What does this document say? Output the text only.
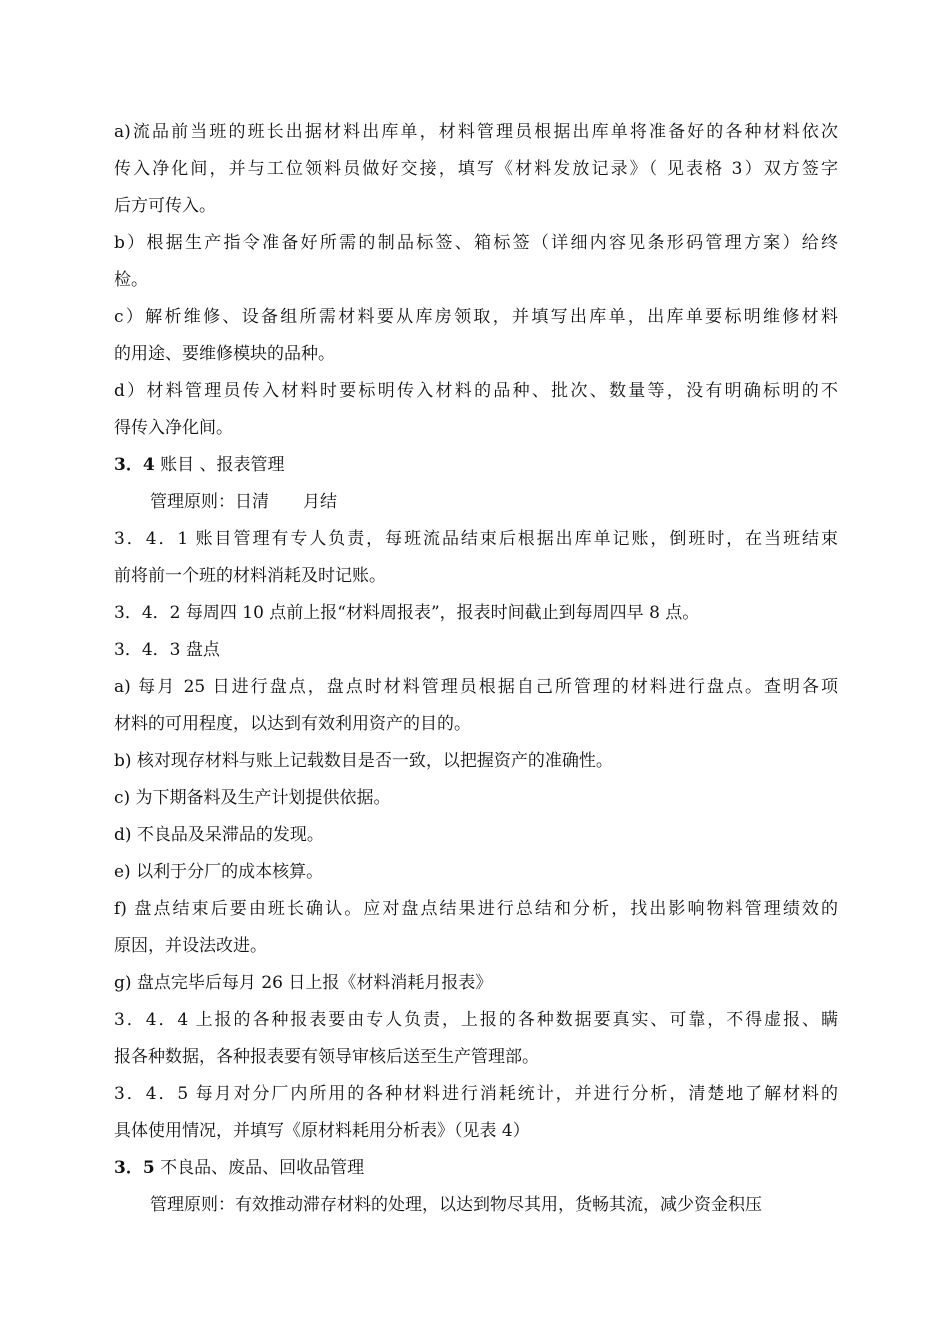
a)流品前当班的班长出据材料出库单，材料管理员根据出库单将准备好的各种材料依次
传入净化间，并与工位领料员做好交接，填写《材料发放记录》（ 见表格 3）双方签字
后方可传入。
b）根据生产指令准备好所需的制品标签、箱标签（详细内容见条形码管理方案）给终
检。
c）解析维修、设备组所需材料要从库房领取，并填写出库单，出库单要标明维修材料
的用途、要维修模块的品种。
d）材料管理员传入材料时要标明传入材料的品种、批次、数量等，没有明确标明的不
得传入净化间。
3．4 账目 、报表管理
管理原则：日清　　月结
3．4．1 账目管理有专人负责，每班流品结束后根据出库单记账，倒班时，在当班结束
前将前一个班的材料消耗及时记账。
3．4．2 每周四 10 点前上报“材料周报表”，报表时间截止到每周四早 8 点。
3．4．3 盘点
a) 每月 25 日进行盘点，盘点时材料管理员根据自己所管理的材料进行盘点。查明各项
材料的可用程度，以达到有效利用资产的目的。
b) 核对现存材料与账上记载数目是否一致，以把握资产的准确性。
c) 为下期备料及生产计划提供依据。
d) 不良品及呆滞品的发现。
e) 以利于分厂的成本核算。
f) 盘点结束后要由班长确认。应对盘点结果进行总结和分析，找出影响物料管理绩效的
原因，并设法改进。
g) 盘点完毕后每月 26 日上报《材料消耗月报表》
3．4．4 上报的各种报表要由专人负责，上报的各种数据要真实、可靠，不得虚报、瞒
报各种数据，各种报表要有领导审核后送至生产管理部。
3．4．5 每月对分厂内所用的各种材料进行消耗统计，并进行分析，清楚地了解材料的
具体使用情况，并填写《原材料耗用分析表》（见表 4）
3．5 不良品、废品、回收品管理
管理原则：有效推动滞存材料的处理，以达到物尽其用，货畅其流，减少资金积压
